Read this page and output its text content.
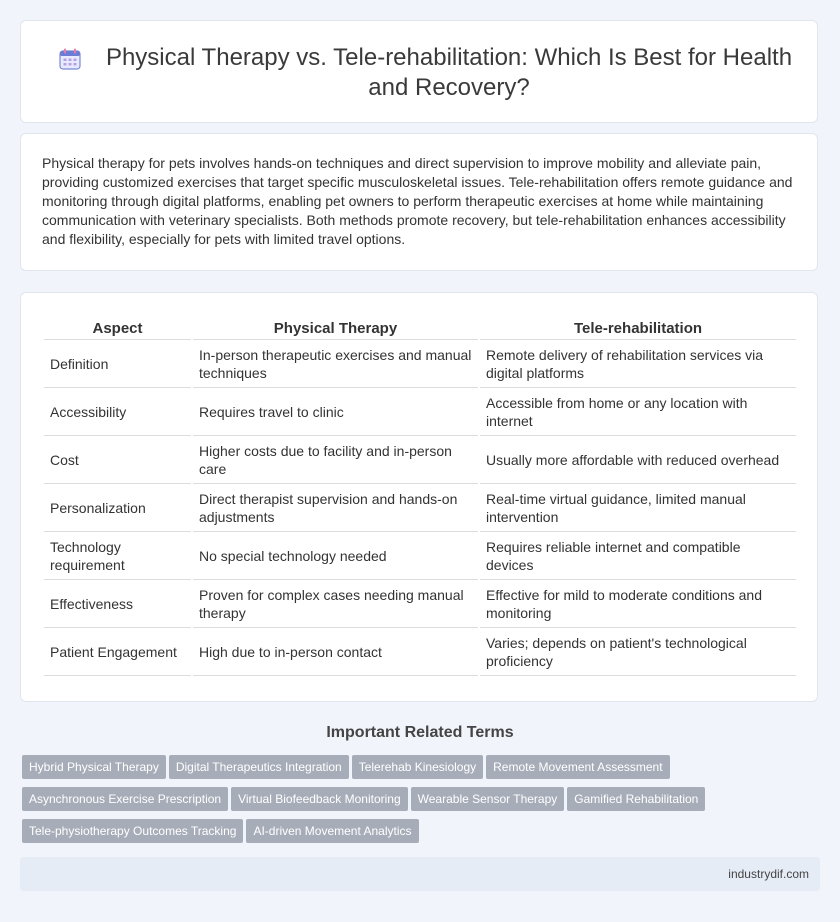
Physical Therapy vs. Tele-rehabilitation: Which Is Best for Health and Recovery?

Physical therapy for pets involves hands-on techniques and direct supervision to improve mobility and alleviate pain, providing customized exercises that target specific musculoskeletal issues. Tele-rehabilitation offers remote guidance and monitoring through digital platforms, enabling pet owners to perform therapeutic exercises at home while maintaining communication with veterinary specialists. Both methods promote recovery, but tele-rehabilitation enhances accessibility and flexibility, especially for pets with limited travel options.

Aspect	Physical Therapy	Tele-rehabilitation
Definition	In-person therapeutic exercises and manual techniques	Remote delivery of rehabilitation services via digital platforms
Accessibility	Requires travel to clinic	Accessible from home or any location with internet
Cost	Higher costs due to facility and in-person care	Usually more affordable with reduced overhead
Personalization	Direct therapist supervision and hands-on adjustments	Real-time virtual guidance, limited manual intervention
Technology requirement	No special technology needed	Requires reliable internet and compatible devices
Effectiveness	Proven for complex cases needing manual therapy	Effective for mild to moderate conditions and monitoring
Patient Engagement	High due to in-person contact	Varies; depends on patient's technological proficiency
Important Related Terms
Hybrid Physical Therapy Digital Therapeutics Integration Telerehab Kinesiology Remote Movement Assessment
Asynchronous Exercise Prescription Virtual Biofeedback Monitoring Wearable Sensor Therapy Gamified Rehabilitation
Tele-physiotherapy Outcomes Tracking AI-driven Movement Analytics
industrydif.com
